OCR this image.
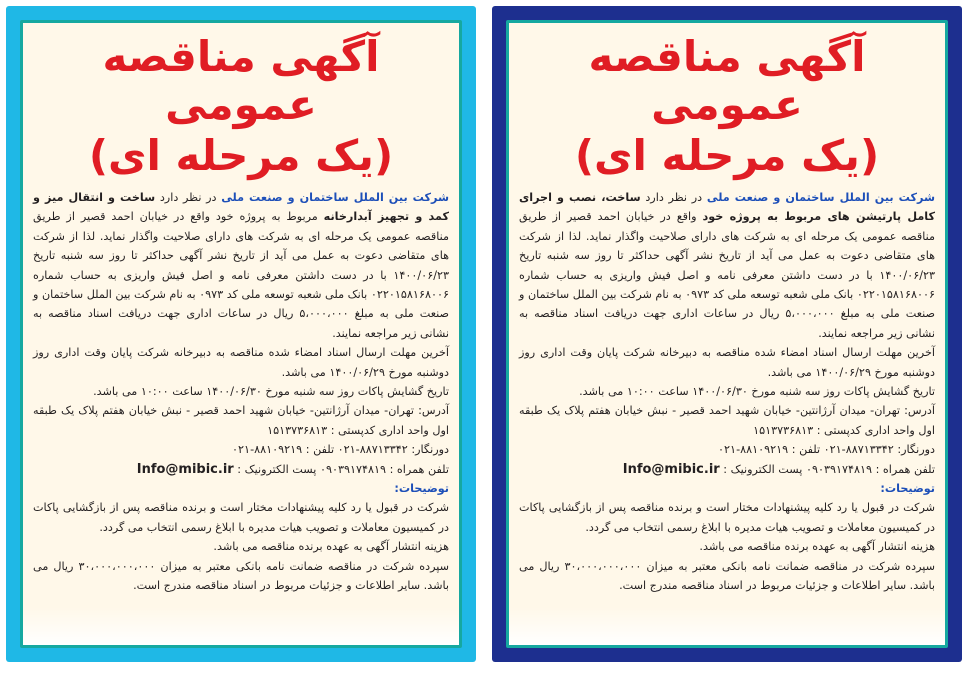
آگهی مناقصه عمومی
(یک مرحله ای)

شرکت بین الملل ساختمان و صنعت ملی در نظر دارد ساخت و انتقال میز و کمد و تجهیز آبدارخانه مربوط به پروژه خود واقع در خیابان احمد قصیر از طریق مناقصه عمومی یک مرحله ای به شرکت های دارای صلاحیت واگذار نماید. لذا از شرکت های متقاضی دعوت به عمل می آید از تاریخ نشر آگهی حداکثر تا روز سه شنبه تاریخ ۱۴۰۰/۰۶/۲۳ با در دست داشتن معرفی نامه و اصل فیش واریزی به حساب شماره ۰۲۲۰۱۵۸۱۶۸۰۰۶ بانک ملی شعبه توسعه ملی کد ۰۹۷۳ به نام شرکت بین الملل ساختمان و صنعت ملی به مبلغ ۵،۰۰۰،۰۰۰ ریال در ساعات اداری جهت دریافت اسناد مناقصه به نشانی زیر مراجعه نمایند.

آخرین مهلت ارسال اسناد امضاء شده مناقصه به دبیرخانه شرکت پایان وقت اداری روز دوشنبه مورخ ۱۴۰۰/۰۶/۲۹ می باشد.

تاریخ گشایش پاکات روز سه شنبه مورخ ۱۴۰۰/۰۶/۳۰ ساعت ۱۰:۰۰ می باشد.

آدرس: تهران- میدان آرژانتین- خیابان شهید احمد قصیر - نبش خیابان هفتم پلاک یک طبقه اول واحد اداری کدپستی : ۱۵۱۳۷۳۶۸۱۳

دورنگار: ۸۸۷۱۳۳۴۲-۰۲۱ تلفن : ۸۸۱۰۹۲۱۹-۰۲۱

تلفن همراه : ۰۹۰۳۹۱۷۴۸۱۹ پست الکترونیک : Info@mibic.ir

توضیحات:

شرکت در قبول یا رد کلیه پیشنهادات مختار است و برنده مناقصه پس از بازگشایی پاکات در کمیسیون معاملات و تصویب هیات مدیره با ابلاغ رسمی انتخاب می گردد.

هزینه انتشار آگهی به عهده برنده مناقصه می باشد.

سپرده شرکت در مناقصه ضمانت نامه بانکی معتبر به میزان ۳۰،۰۰۰،۰۰۰،۰۰۰ ریال می باشد. سایر اطلاعات و جزئیات مربوط در اسناد مناقصه مندرج است.

آگهی مناقصه عمومی
(یک مرحله ای)

شرکت بین الملل ساختمان و صنعت ملی در نظر دارد ساخت، نصب و اجرای کامل پارتیشن های مربوط به پروژه خود واقع در خیابان احمد قصیر از طریق مناقصه عمومی یک مرحله ای به شرکت های دارای صلاحیت واگذار نماید. لذا از شرکت های متقاضی دعوت به عمل می آید از تاریخ نشر آگهی حداکثر تا روز سه شنبه تاریخ ۱۴۰۰/۰۶/۲۳ با در دست داشتن معرفی نامه و اصل فیش واریزی به حساب شماره ۰۲۲۰۱۵۸۱۶۸۰۰۶ بانک ملی شعبه توسعه ملی کد ۰۹۷۳ به نام شرکت بین الملل ساختمان و صنعت ملی به مبلغ ۵،۰۰۰،۰۰۰ ریال در ساعات اداری جهت دریافت اسناد مناقصه به نشانی زیر مراجعه نمایند.

آخرین مهلت ارسال اسناد امضاء شده مناقصه به دبیرخانه شرکت پایان وقت اداری روز دوشنبه مورخ ۱۴۰۰/۰۶/۲۹ می باشد.

تاریخ گشایش پاکات روز سه شنبه مورخ ۱۴۰۰/۰۶/۳۰ ساعت ۱۰:۰۰ می باشد.

آدرس: تهران- میدان آرژانتین- خیابان شهید احمد قصیر - نبش خیابان هفتم پلاک یک طبقه اول واحد اداری کدپستی : ۱۵۱۳۷۳۶۸۱۳

دورنگار: ۸۸۷۱۳۳۴۲-۰۲۱ تلفن : ۸۸۱۰۹۲۱۹-۰۲۱

تلفن همراه : ۰۹۰۳۹۱۷۴۸۱۹ پست الکترونیک : Info@mibic.ir

توضیحات:

شرکت در قبول یا رد کلیه پیشنهادات مختار است و برنده مناقصه پس از بازگشایی پاکات در کمیسیون معاملات و تصویب هیات مدیره با ابلاغ رسمی انتخاب می گردد.

هزینه انتشار آگهی به عهده برنده مناقصه می باشد.

سپرده شرکت در مناقصه ضمانت نامه بانکی معتبر به میزان ۳۰،۰۰۰،۰۰۰،۰۰۰ ریال می باشد. سایر اطلاعات و جزئیات مربوط در اسناد مناقصه مندرج است.
